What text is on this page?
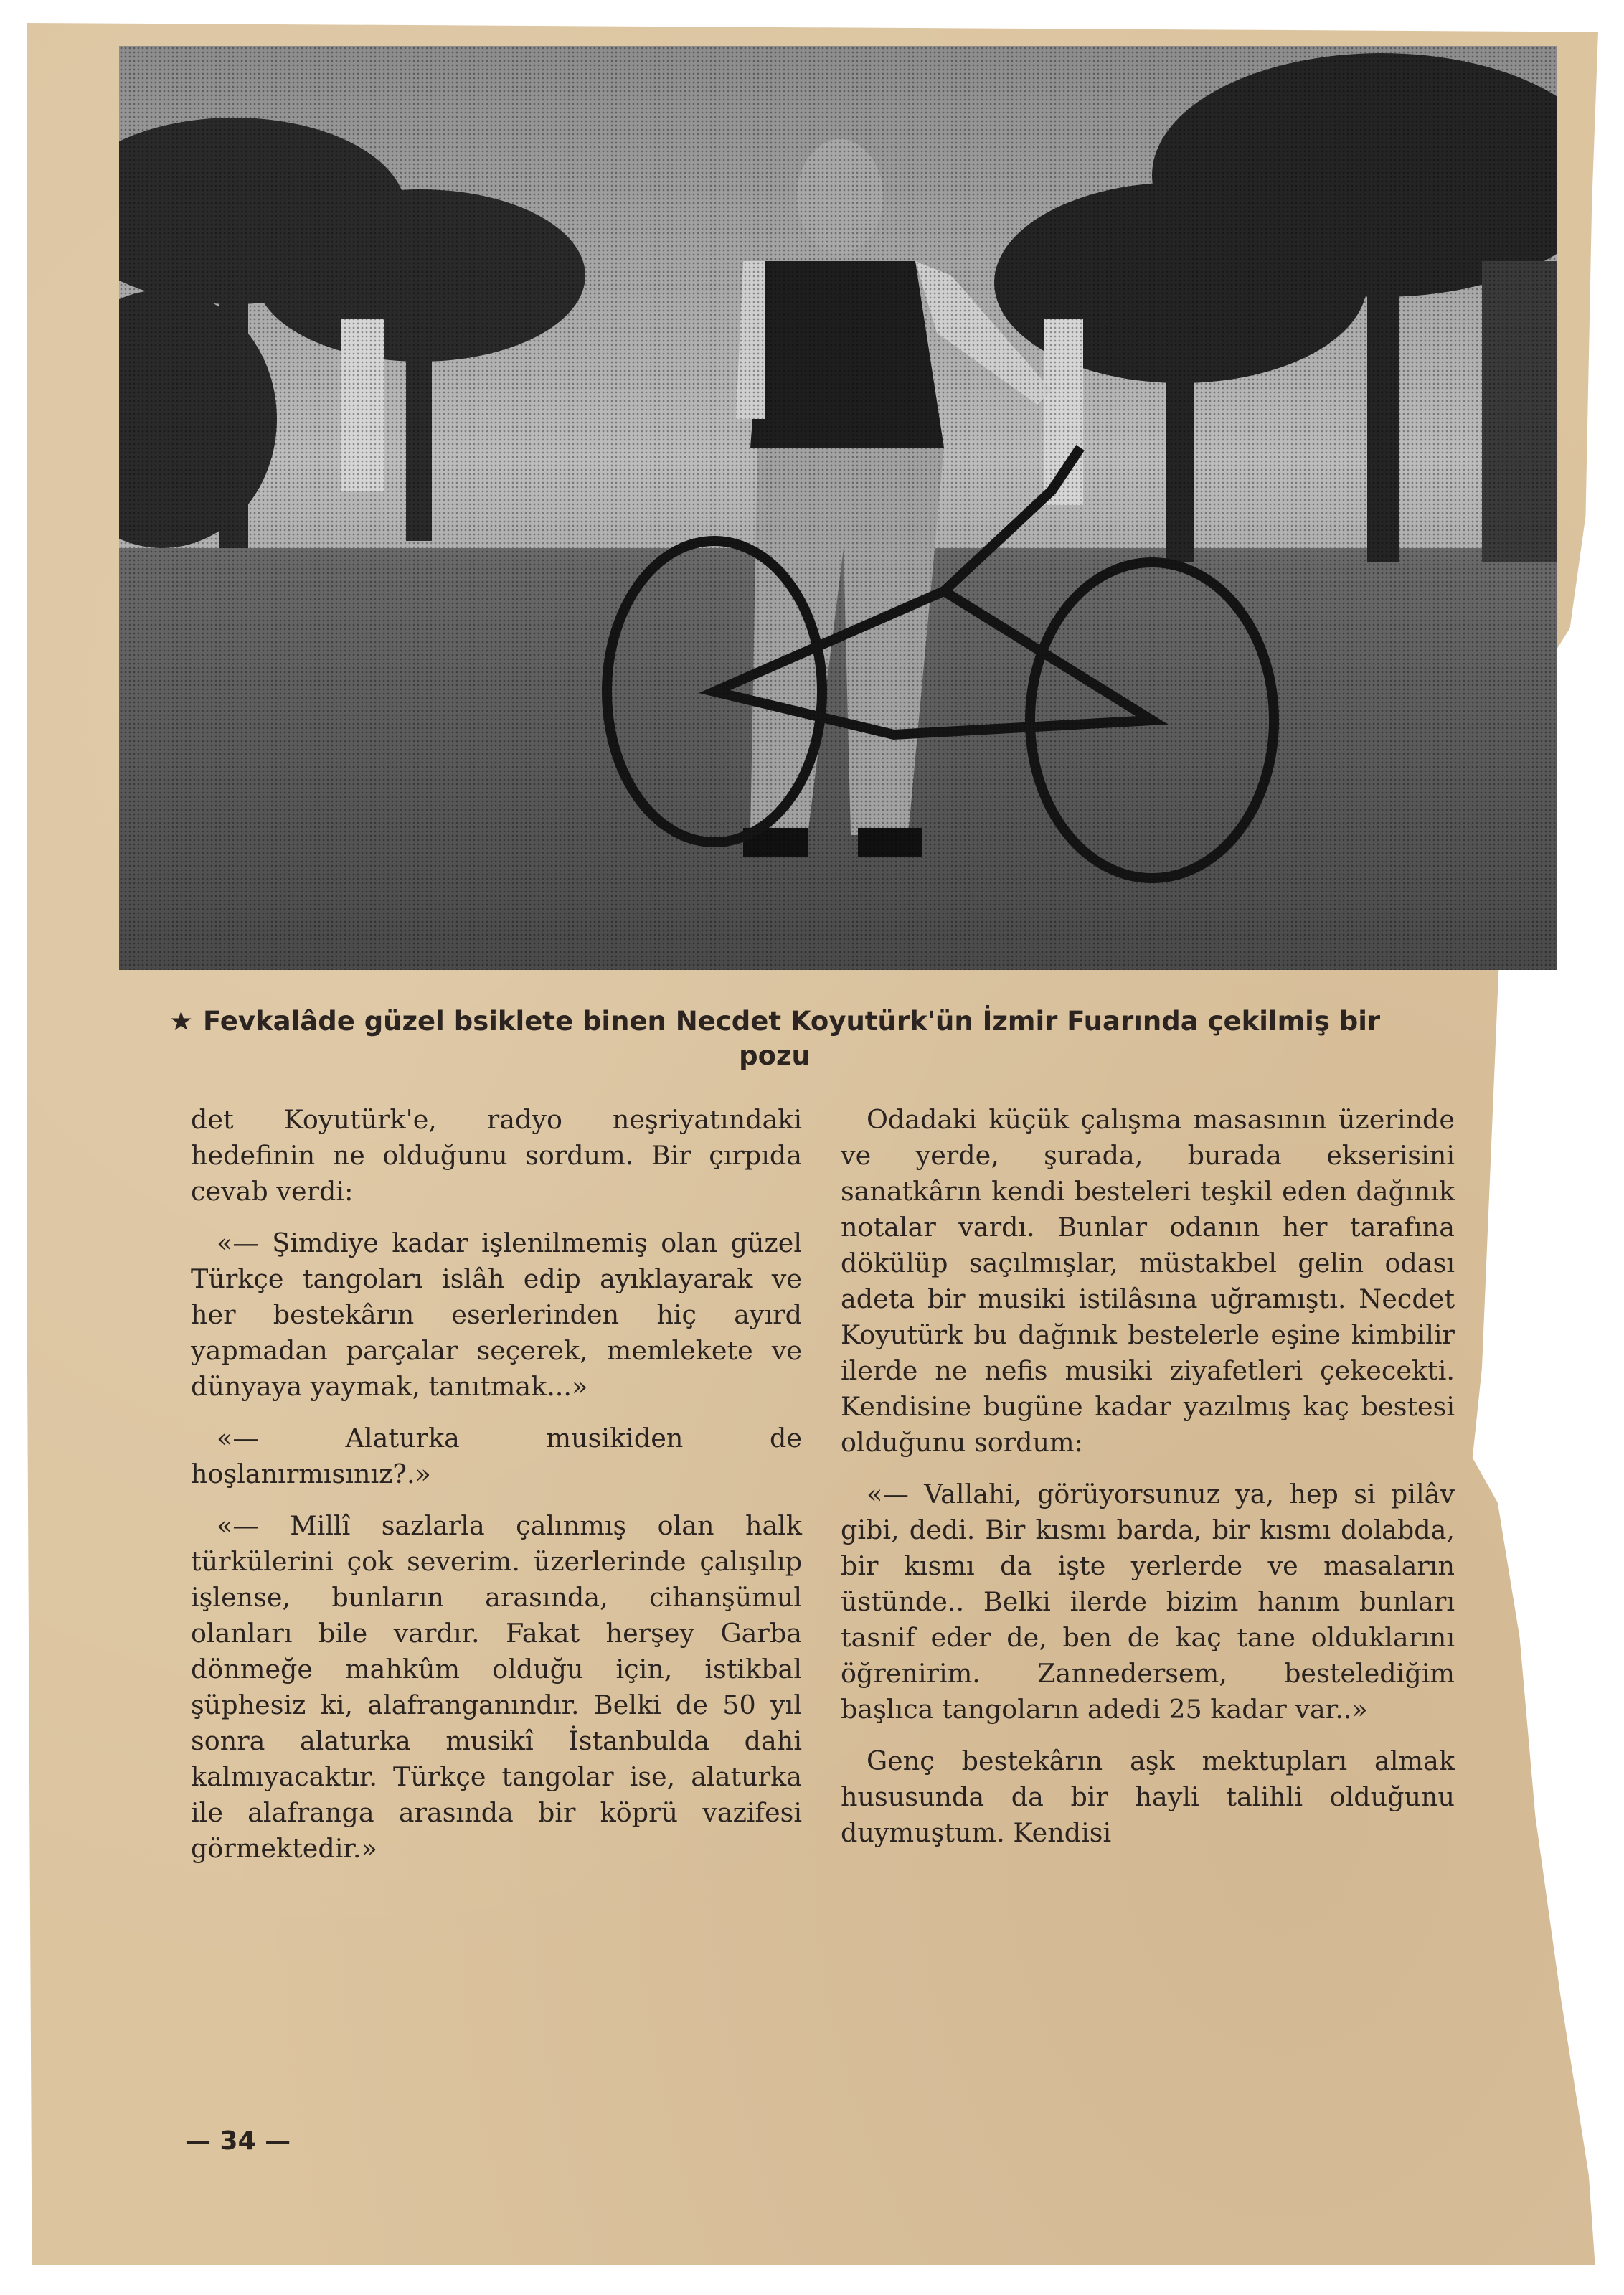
★ Fevkalâde güzel bsiklete binen Necdet Koyutürk'ün İzmir Fuarında çekilmiş bir pozu

det Koyutürk'e, radyo neşriyatındaki hedefinin ne olduğunu sordum. Bir çırpıda cevab verdi:

«— Şimdiye kadar işlenilmemiş olan güzel Türkçe tangoları islâh edip ayıklayarak ve her bestekârın eserlerinden hiç ayırd yapmadan parçalar seçerek, memlekete ve dünyaya yaymak, tanıtmak...»

«— Alaturka musikiden de hoşlanırmısınız?.»

«— Millî sazlarla çalınmış olan halk türkülerini çok severim. üzerlerinde çalışılıp işlense, bunların arasında, cihanşümul olanları bile vardır. Fakat herşey Garba dönmeğe mahkûm olduğu için, istikbal şüphesiz ki, alafranganındır. Belki de 50 yıl sonra alaturka musikî İstanbulda dahi kalmıyacaktır. Türkçe tangolar ise, alaturka ile alafranga arasında bir köprü vazifesi görmektedir.»

Odadaki küçük çalışma masasının üzerinde ve yerde, şurada, burada ekserisini sanatkârın kendi besteleri teşkil eden dağınık notalar vardı. Bunlar odanın her tarafına dökülüp saçılmışlar, müstakbel gelin odası adeta bir musiki istilâsına uğramıştı. Necdet Koyutürk bu dağınık bestelerle eşine kimbilir ilerde ne nefis musiki ziyafetleri çekecekti. Kendisine bugüne kadar yazılmış kaç bestesi olduğunu sordum:

«— Vallahi, görüyorsunuz ya, hep si pilâv gibi, dedi. Bir kısmı barda, bir kısmı dolabda, bir kısmı da işte yerlerde ve masaların üstünde.. Belki ilerde bizim hanım bunları tasnif eder de, ben de kaç tane olduklarını öğrenirim. Zannedersem, bestelediğim başlıca tangoların adedi 25 kadar var..»

Genç bestekârın aşk mektupları almak hususunda da bir hayli talihli olduğunu duymuştum. Kendisi

— 34 —
